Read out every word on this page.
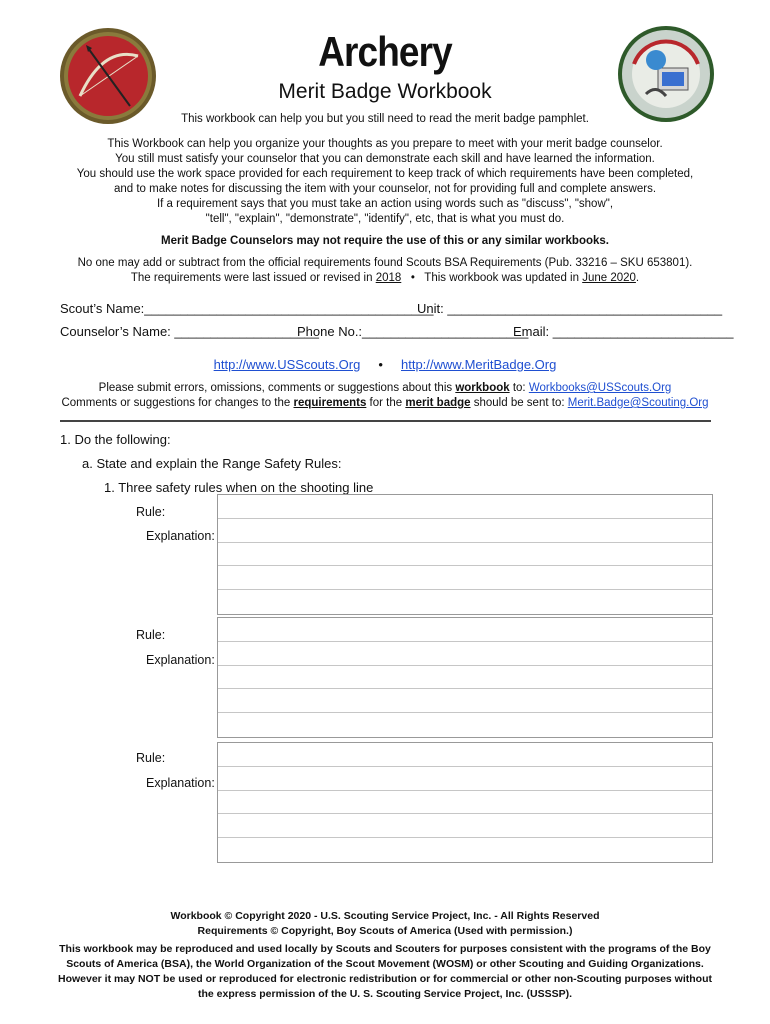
Archery
Merit Badge Workbook
This workbook can help you but you still need to read the merit badge pamphlet.
This Workbook can help you organize your thoughts as you prepare to meet with your merit badge counselor.
You still must satisfy your counselor that you can demonstrate each skill and have learned the information.
You should use the work space provided for each requirement to keep track of which requirements have been completed,
and to make notes for discussing the item with your counselor, not for providing full and complete answers.
If a requirement says that you must take an action using words such as "discuss", "show",
"tell", "explain", "demonstrate", "identify", etc, that is what you must do.
Merit Badge Counselors may not require the use of this or any similar workbooks.
No one may add or subtract from the official requirements found Scouts BSA Requirements (Pub. 33216 – SKU 653801).
The requirements were last issued or revised in 2018 • This workbook was updated in June 2020.
Scout’s Name:________________________________________
Unit: ______________________________________
Counselor’s Name: ____________________
Phone No.:_______________________
Email: _________________________
http://www.USScouts.Org • http://www.MeritBadge.Org
Please submit errors, omissions, comments or suggestions about this workbook to: Workbooks@USScouts.Org
Comments or suggestions for changes to the requirements for the merit badge should be sent to: Merit.Badge@Scouting.Org
1. Do the following:
a. State and explain the Range Safety Rules:
1. Three safety rules when on the shooting line
Rule:
Explanation:
Rule:
Explanation:
Rule:
Explanation:
Workbook © Copyright 2020 - U.S. Scouting Service Project, Inc. - All Rights Reserved
Requirements © Copyright, Boy Scouts of America (Used with permission.)
This workbook may be reproduced and used locally by Scouts and Scouters for purposes consistent with the programs of the Boy
Scouts of America (BSA), the World Organization of the Scout Movement (WOSM) or other Scouting and Guiding Organizations.
However it may NOT be used or reproduced for electronic redistribution or for commercial or other non-Scouting purposes without
the express permission of the U. S. Scouting Service Project, Inc. (USSSP).
